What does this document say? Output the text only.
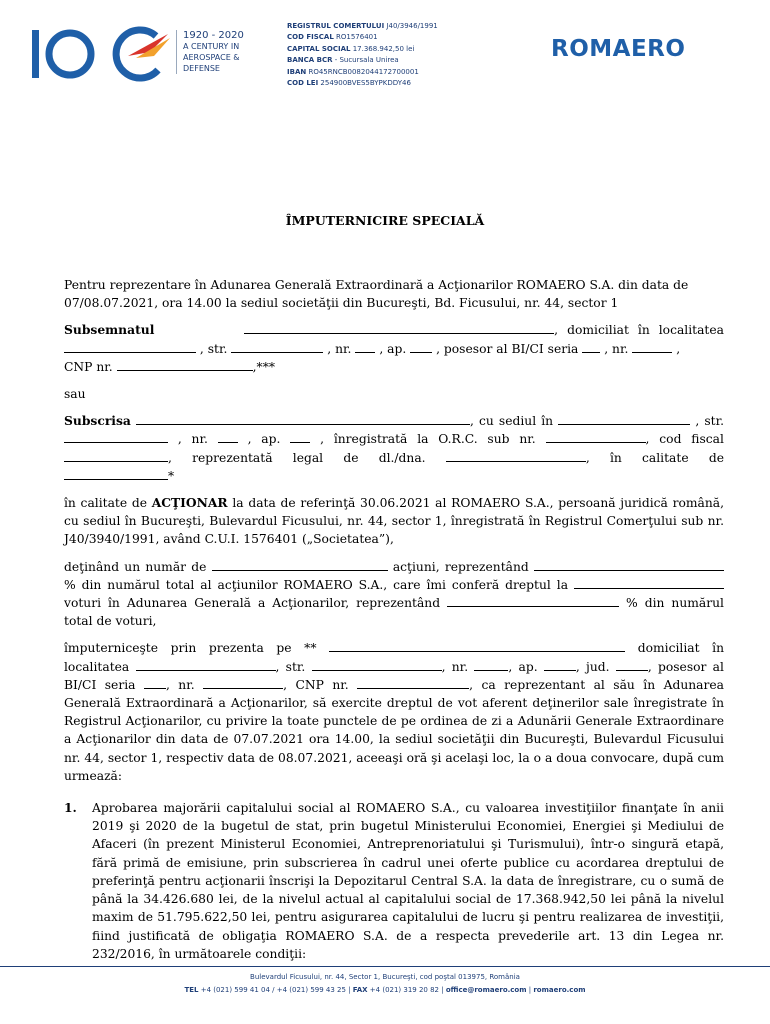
1920 - 2020
A CENTURY IN
AEROSPACE &
DEFENSE
REGISTRUL COMERTULUI J40/3946/1991
COD FISCAL RO1576401
CAPITAL SOCIAL 17.368.942,50 lei
BANCA BCR - Sucursala Unirea
IBAN RO45RNCB0082044172700001
COD LEI 254900BVES5BYPKDDY46
ROMAERO
ÎMPUTERNICIRE SPECIALĂ

Pentru reprezentare în Adunarea Generală Extraordinară a Acţionarilor ROMAERO S.A. din data de 07/08.07.2021, ora 14.00 la sediul societăţii din Bucureşti, Bd. Ficusului, nr. 44, sector 1

Subsemnatul	, domiciliat în localitatea

, str.	, nr. , ap. , posesor al BI/CI seria , nr.	,

CNP nr.	,***

sau

Subscrisa	, cu sediul în	, str.

, nr.	, ap.	, înregistrată la O.R.C. sub nr.	, cod fiscal

, reprezentată legal de dl./dna.	, în calitate de

*

în calitate de ACŢIONAR la data de referinţă 30.06.2021 al ROMAERO S.A., persoană juridică română, cu sediul în Bucureşti, Bulevardul Ficusului, nr. 44, sector 1, înregistrată în Registrul Comerţului sub nr. J40/3940/1991, având C.U.I. 1576401 („Societatea”),

deţinând un număr de	acţiuni, reprezentând

% din numărul total al acţiunilor ROMAERO S.A., care îmi conferă dreptul la

voturi în Adunarea Generală a Acţionarilor, reprezentând	% din numărul

total de voturi,

împuterniceşte prin prezenta pe **	domiciliat în

localitatea	, str.	, nr.	, ap.	, jud.	, posesor al

BI/CI seria , nr.	, CNP nr.	, ca reprezentant al său în Adunarea

Generală Extraordinară a Acţionarilor, să exercite dreptul de vot aferent deţinerilor sale înregistrate în Registrul Acţionarilor, cu privire la toate punctele de pe ordinea de zi a Adunării Generale Extraordinare a Acţionarilor din data de 07.07.2021 ora 14.00, la sediul societăţii din Bucureşti, Bulevardul Ficusului nr. 44, sector 1, respectiv data de 08.07.2021, aceeaşi oră şi acelaşi loc, la o a doua convocare, după cum urmează:

1.	Aprobarea majorării capitalului social al ROMAERO S.A., cu valoarea investiţiilor finanţate în anii 2019 şi 2020 de la bugetul de stat, prin bugetul Ministerului Economiei, Energiei şi Mediului de Afaceri (în prezent Ministerul Economiei, Antreprenoriatului şi Turismului), într-o singură etapă, fără primă de emisiune, prin subscrierea în cadrul unei oferte publice cu acordarea dreptului de preferinţă pentru acţionarii înscrişi la Depozitarul Central S.A. la data de înregistrare, cu o sumă de până la 34.426.680 lei, de la nivelul actual al capitalului social de 17.368.942,50 lei până la nivelul maxim de 51.795.622,50 lei, pentru asigurarea capitalului de lucru şi pentru realizarea de investiţii, fiind justificată de obligaţia ROMAERO S.A. de a respecta prevederile art. 13 din Legea nr. 232/2016, în următoarele condiţii:
Bulevardul Ficusului, nr. 44, Sector 1, Bucureşti, cod poştal 013975, România
TEL +4 (021) 599 41 04 / +4 (021) 599 43 25 | FAX +4 (021) 319 20 82 | office@romaero.com | romaero.com
